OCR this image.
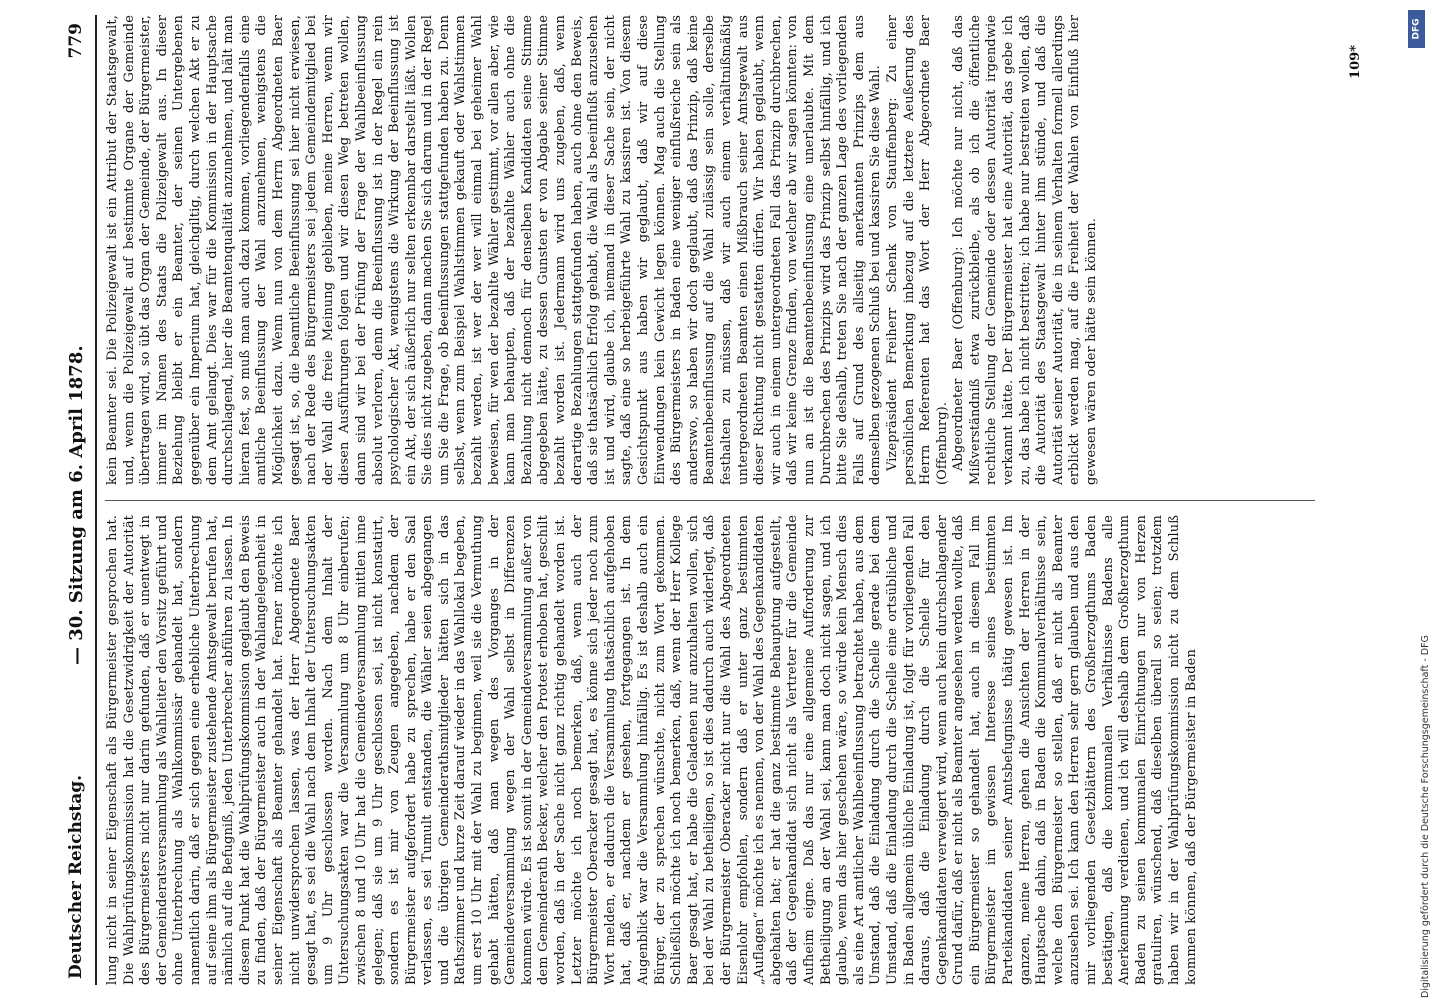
Deutscher Reichstag.
— 30. Sitzung am 6. April 1878.
779

lung nicht in seiner Eigenschaft als Bürgermeister gesprochen hat. Die Wahlprüfungskommission hat die Gesetzwidrigkeit der Autorität des Bürgermeisters nicht nur darin gefunden, daß er unentwegt in der Gemeinderatsversammlung als Wahlleiter den Vorsitz geführt und ohne Unterbrechung als Wahlkommissär gehandelt hat, sondern namentlich darin, daß er sich gegen eine erhebliche Unterbrechung auf seine ihm als Bürgermeister zustehende Amtsgewalt berufen hat, nämlich auf die Befugniß, jeden Unterbrecher abführen zu lassen. In diesem Punkt hat die Wahlprüfungskommission geglaubt den Beweis zu finden, daß der Bürgermeister auch in der Wahlangelegenheit in seiner Eigenschaft als Beamter gehandelt hat. Ferner möchte ich nicht unwidersprochen lassen, was der Herr Abgeordnete Baer gesagt hat, es sei die Wahl nach dem Inhalt der Untersuchungsakten um 9 Uhr geschlossen worden. Nach dem Inhalt der Untersuchungsakten war die Versammlung um 8 Uhr einberufen; zwischen 8 und 10 Uhr hat die Gemeindeversammlung mittlen inne gelegen; daß sie um 9 Uhr geschlossen sei, ist nicht konstatirt, sondern es ist mir von Zeugen angegeben, nachdem der Bürgermeister aufgefordert habe zu sprechen, habe er den Saal verlassen, es sei Tumult entstanden, die Wähler seien abgegangen und die übrigen Gemeinderathsmitglieder hätten sich in das Rathszimmer und kurze Zeit darauf wieder in das Wahllokal begeben, um erst 10 Uhr mit der Wahl zu beginnen, weil sie die Vermuthung gehabt hätten, daß man wegen des Vorganges in der Gemeindeversammlung wegen der Wahl selbst in Differenzen kommen würde. Es ist somit in der Gemeindeversammlung außer von dem Gemeinderath Becker, welcher den Protest erhoben hat, geschilt worden, daß in der Sache nicht ganz richtig gehandelt worden ist. Letzter möchte ich noch bemerken, daß, wenn auch der Bürgermeister Oberacker gesagt hat, es könne sich jeder noch zum Wort melden, er dadurch die Versammlung thatsächlich aufgehoben hat, daß er, nachdem er gesehen, fortgegangen ist. In dem Augenblick war die Versammlung hinfällig. Es ist deshalb auch ein Bürger, der zu sprechen wünschte, nicht zum Wort gekommen. Schließlich möchte ich noch bemerken, daß, wenn der Herr Kollege Baer gesagt hat, er habe die Geladenen nur anzuhalten wollen, sich bei der Wahl zu betheiligen, so ist dies dadurch auch widerlegt, daß der Bürgermeister Oberacker nicht nur die Wahl des Abgeordneten Eisenlohr empfohlen, sondern daß er unter ganz bestimmten „Auflagen“ möchte ich es nennen, von der Wahl des Gegenkandidaten abgehalten hat; er hat die ganz bestimmte Behauptung aufgestellt, daß der Gegenkandidat sich nicht als Vertreter für die Gemeinde Aufheim eigne. Daß das nur eine allgemeine Aufforderung zur Betheiligung an der Wahl sei, kann man doch nicht sagen, und ich glaube, wenn das hier geschehen wäre, so würde kein Mensch dies als eine Art amtlicher Wahlbeeinflussung betrachtet haben, aus dem Umstand, daß die Einladung durch die Schelle gerade bei dem Umstand, daß die Einladung durch die Schelle eine ortsübliche und in Baden allgemein übliche Einladung ist, folgt für vorliegenden Fall daraus, daß die Einladung durch die Schelle für den Gegenkandidaten verweigert wird, wenn auch kein durchschlagender Grund dafür, daß er nicht als Beamter angesehen werden wollte, daß ein Bürgermeister so gehandelt hat, auch in diesem Fall im Bürgermeister im gewissen Interesse seines bestimmten Parteikandidaten seiner Amtsbefugnisse thätig gewesen ist. Im ganzen, meine Herren, gehen die Ansichten der Herren in der Hauptsache dahin, daß in Baden die Kommunalverhältnisse sein, welche den Bürgermeister so stellen, daß er nicht als Beamter anzusehen sei. Ich kann den Herren sehr gern glauben und aus den mir vorliegenden Gesetzblättern des Großherzogthums Baden bestätigen, daß die kommunalen Verhältnisse Badens alle Anerkennung verdienen, und ich will deshalb dem Großherzogthum Baden zu seinen kommunalen Einrichtungen nur von Herzen gratuliren, wünschend, daß dieselben überall so seien; trotzdem haben wir in der Wahlprüfungskommission nicht zu dem Schluß kommen können, daß der Bürgermeister in Baden

kein Beamter sei. Die Polizeigewalt ist ein Attribut der Staatsgewalt, und, wenn die Polizeigewalt auf bestimmte Organe der Gemeinde übertragen wird, so übt das Organ der Gemeinde, der Bürgermeister, immer im Namen des Staats die Polizeigewalt aus. In dieser Beziehung bleibt er ein Beamter, der seinen Untergebenen gegenüber ein Imperium hat, gleichgiltig, durch welchen Akt er zu dem Amt gelangt. Dies war für die Kommission in der Hauptsache durchschlagend, hier die Beamtenqualität anzunehmen, und hält man hieran fest, so muß man auch dazu kommen, vorliegendenfalls eine amtliche Beeinflussung der Wahl anzunehmen, wenigstens die Möglichkeit dazu. Wenn nun von dem Herrn Abgeordneten Baer gesagt ist, so, die beamtliche Beeinflussung sei hier nicht erwiesen, nach der Rede des Bürgermeisters sei jedem Gemeindemitglied bei der Wahl die freie Meinung geblieben, meine Herren, wenn wir diesen Ausführungen folgen und wir diesen Weg betreten wollen, dann sind wir bei der Prüfung der Frage der Wahlbeeinflussung absolut verloren, denn die Beeinflussung ist in der Regel ein rein psychologischer Akt, wenigstens die Wirkung der Beeinflussung ist ein Akt, der sich äußerlich nur selten erkennbar darstellt läßt. Wollen Sie dies nicht zugeben, dann machen Sie sich darum und in der Regel um Sie die Frage, ob Beeinflussungen stattgefunden haben zu. Denn selbst, wenn zum Beispiel Wahlstimmen gekauft oder Wahlstimmen bezahlt werden, ist wer der wer will einmal bei geheimer Wahl beweisen, für wen der bezahlte Wähler gestimmt, vor allen aber, wie kann man behaupten, daß der bezahlte Wähler auch ohne die Bezahlung nicht dennoch für denselben Kandidaten seine Stimme abgegeben hätte, zu dessen Gunsten er von Abgabe seiner Stimme bezahlt worden ist. Jedermann wird uns zugeben, daß, wenn derartige Bezahlungen stattgefunden haben, auch ohne den Beweis, daß sie thatsächlich Erfolg gehabt, die Wahl als beeinflußt anzusehen ist und wird, glaube ich, niemand in dieser Sache sein, der nicht sagte, daß eine so herbeigeführte Wahl zu kassiren ist. Von diesem Gesichtspunkt aus haben wir geglaubt, daß wir auf diese Einwendungen kein Gewicht legen können. Mag auch die Stellung des Bürgermeisters in Baden eine weniger einflußreiche sein als anderswo, so haben wir doch geglaubt, daß das Prinzip, daß keine Beamtenbeeinflussung auf die Wahl zulässig sein solle, derselbe festhalten zu müssen, daß wir auch einem verhältnißmäßig untergeordneten Beamten einen Mißbrauch seiner Amtsgewalt aus dieser Richtung nicht gestatten dürfen. Wir haben geglaubt, wenn wir auch in einem untergeordneten Fall das Prinzip durchbrechen, daß wir keine Grenze finden, von welcher ab wir sagen könnten: von nun an ist die Beamtenbeeinflussung eine unerlaubte. Mit dem Durchbrechen des Prinzips wird das Prinzip selbst hinfällig, und ich bitte Sie deshalb, treten Sie nach der ganzen Lage des vorliegenden Falls auf Grund des allseitig anerkannten Prinzips dem aus demselben gezogenen Schluß bei und kassiren Sie diese Wahl. Vizepräsident Freiherr Schenk von Stauffenberg: Zu einer persönlichen Bemerkung inbezug auf die letztere Aeußerung des Herrn Referenten hat das Wort der Herr Abgeordnete Baer (Offenburg). Abgeordneter Baer (Offenburg): Ich möchte nur nicht, daß das Mißverständniß etwa zurückbleibe, als ob ich die öffentliche rechtliche Stellung der Gemeinde oder dessen Autorität irgendwie verkannt hätte. Der Bürgermeister hat eine Autorität, das gebe ich zu, das habe ich nicht bestritten; ich habe nur bestreiten wollen, daß die Autorität des Staatsgewalt hinter ihm stünde, und daß die Autorität seiner Autorität, die in seinem Verhalten formell allerdings erblickt werden mag, auf die Freiheit der Wahlen von Einfluß hier gewesen wären oder hätte sein können.

109*
DFG
Digitalisierung gefördert durch die Deutsche Forschungsgemeinschaft - DFG
